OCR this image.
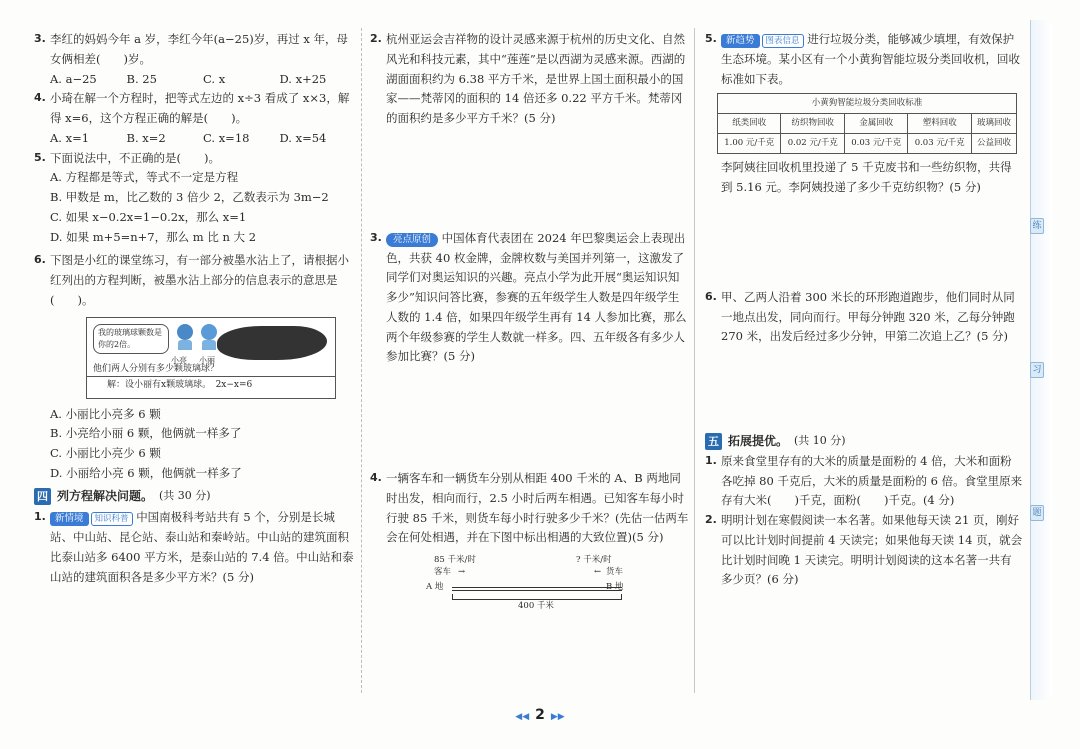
练
习
题
3. 李红的妈妈今年 a 岁，李红今年(a−25)岁，再过 x 年，母女俩相差(　　)岁。
A. a−25	B. 25	C. x	D. x+25
4. 小琦在解一个方程时，把等式左边的 x÷3 看成了 x×3，解得 x=6，这个方程正确的解是(　　)。
A. x=1	B. x=2	C. x=18	D. x=54
5. 下面说法中，不正确的是(　　)。
A. 方程都是等式，等式不一定是方程
B. 甲数是 m，比乙数的 3 倍少 2，乙数表示为 3m−2
C. 如果 x−0.2x=1−0.2x，那么 x=1
D. 如果 m+5=n+7，那么 m 比 n 大 2
6. 下图是小红的课堂练习，有一部分被墨水沾上了，请根据小红列出的方程判断，被墨水沾上部分的信息表示的意思是(　　)。
我的玻璃球颗数是你的2倍。
小亮 小丽
他们两人分别有多少颗玻璃球？
解：设小丽有x颗玻璃球。　2x−x=6
A. 小丽比小亮多 6 颗
B. 小亮给小丽 6 颗，他俩就一样多了
C. 小丽比小亮少 6 颗
D. 小丽给小亮 6 颗，他俩就一样多了
四 列方程解决问题。 (共 30 分)
1. 新情境 知识科普 中国南极科考站共有 5 个，分别是长城站、中山站、昆仑站、泰山站和秦岭站。中山站的建筑面积比泰山站多 6400 平方米，是泰山站的 7.4 倍。中山站和泰山站的建筑面积各是多少平方米？(5 分)
2. 杭州亚运会吉祥物的设计灵感来源于杭州的历史文化、自然风光和科技元素，其中“莲莲”是以西湖为灵感来源。西湖的湖面面积约为 6.38 平方千米，是世界上国土面积最小的国家——梵蒂冈的面积的 14 倍还多 0.22 平方千米。梵蒂冈的面积约是多少平方千米？(5 分)
3. 亮点原创 中国体育代表团在 2024 年巴黎奥运会上表现出色，共获 40 枚金牌，金牌枚数与美国并列第一，这激发了同学们对奥运知识的兴趣。亮点小学为此开展“奥运知识知多少”知识问答比赛，参赛的五年级学生人数是四年级学生人数的 1.4 倍，如果四年级学生再有 14 人参加比赛，那么两个年级参赛的学生人数就一样多。四、五年级各有多少人参加比赛？(5 分)
4. 一辆客车和一辆货车分别从相距 400 千米的 A、B 两地同时出发，相向而行，2.5 小时后两车相遇。已知客车每小时行驶 85 千米，则货车每小时行驶多少千米？(先估一估两车会在何处相遇，并在下图中标出相遇的大致位置)(5 分)
85 千米/时	? 千米/时
客车 →	← 货车
A 地	B 地
400 千米
5. 新趋势 图表信息 进行垃圾分类，能够减少填埋，有效保护生态环境。某小区有一个小黄狗智能垃圾分类回收机，回收标准如下表。
小黄狗智能垃圾分类回收标准				
纸类回收	纺织物回收	金属回收	塑料回收	玻璃回收
1.00 元/千克	0.02 元/千克	0.03 元/千克	0.03 元/千克	公益回收
李阿姨往回收机里投递了 5 千克废书和一些纺织物，共得到 5.16 元。李阿姨投递了多少千克纺织物？(5 分)
6. 甲、乙两人沿着 300 米长的环形跑道跑步，他们同时从同一地点出发，同向而行。甲每分钟跑 320 米，乙每分钟跑 270 米，出发后经过多少分钟，甲第二次追上乙？(5 分)
五 拓展提优。 (共 10 分)
1. 原来食堂里存有的大米的质量是面粉的 4 倍，大米和面粉各吃掉 80 千克后，大米的质量是面粉的 6 倍。食堂里原来存有大米(　　)千克，面粉(　　)千克。(4 分)
2. 明明计划在寒假阅读一本名著。如果他每天读 21 页，刚好可以比计划时间提前 4 天读完；如果他每天读 14 页，就会比计划时间晚 1 天读完。明明计划阅读的这本名著一共有多少页？(6 分)
◀◀ 2 ▶▶
